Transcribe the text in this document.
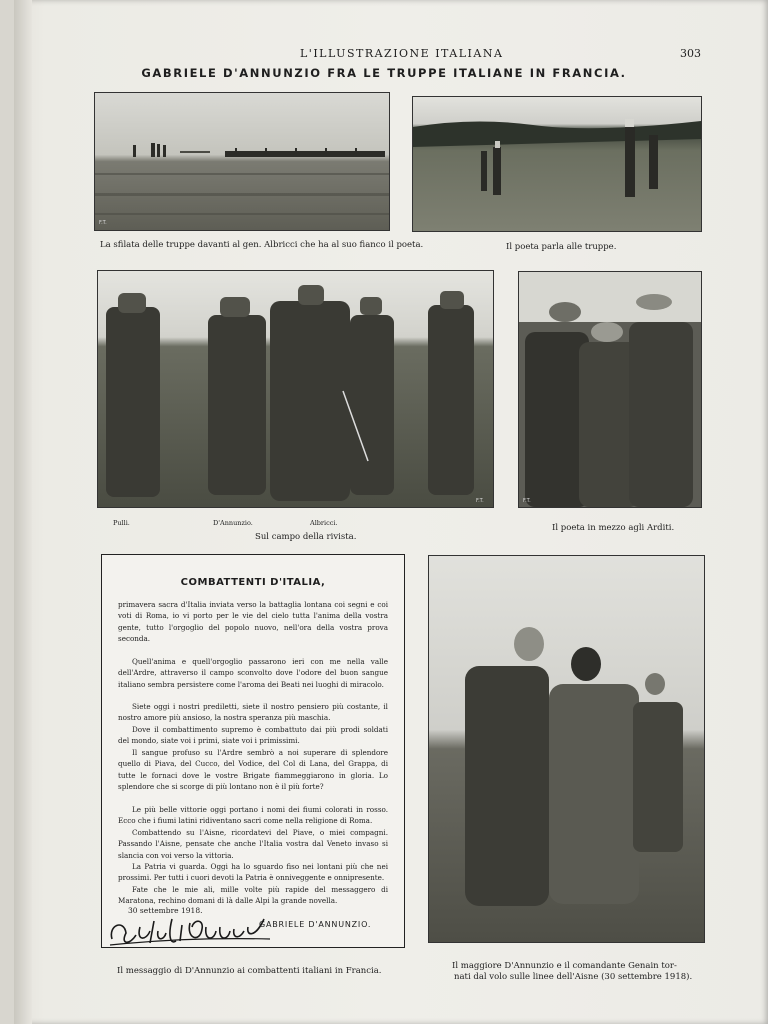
L'ILLUSTRAZIONE ITALIANA	303
GABRIELE D'ANNUNZIO FRA LE TRUPPE ITALIANE IN FRANCIA.
F.T.
La sfilata delle truppe davanti al gen. Albricci che ha al suo fianco il poeta.	Il poeta parla alle truppe.
F.T.
Pulli.	D'Annunzio.	Albricci.
Sul campo della rivista.
F.T.
Il poeta in mezzo agli Arditi.
COMBATTENTI D'ITALIA,

primavera sacra d'Italia inviata verso la battaglia lontana coi segni e coi voti di Roma, io vi porto per le vie del cielo tutta l'anima della vostra gente, tutto l'orgoglio del popolo nuovo, nell'ora della vostra prova seconda.

Quell'anima e quell'orgoglio passarono ieri con me nella valle dell'Ardre, attraverso il campo sconvolto dove l'odore del buon sangue italiano sembra persistere come l'aroma dei Beati nei luoghi di miracolo.

Siete oggi i nostri prediletti, siete il nostro pensiero più costante, il nostro amore più ansioso, la nostra speranza più maschia.

Dove il combattimento supremo è combattuto dai più prodi soldati del mondo, siate voi i primi, siate voi i primissimi.

Il sangue profuso su l'Ardre sembrò a noi superare di splendore quello di Piava, del Cucco, del Vodice, del Col di Lana, del Grappa, di tutte le fornaci dove le vostre Brigate fiammeggiarono in gloria. Lo splendore che si scorge di più lontano non è il più forte?

Le più belle vittorie oggi portano i nomi dei fiumi colorati in rosso. Ecco che i fiumi latini ridiventano sacri come nella religione di Roma.

Combattendo su l'Aisne, ricordatevi del Piave, o miei compagni. Passando l'Aisne, pensate che anche l'Italia vostra dal Veneto invaso si slancia con voi verso la vittoria.

La Patria vi guarda. Oggi ha lo sguardo fiso nei lontani più che nei prossimi. Per tutti i cuori devoti la Patria è onniveggente e onnipresente.

Fate che le mie ali, mille volte più rapide del messaggero di Maratona, rechino domani di là dalle Alpi la grande novella.

30 settembre 1918.
GABRIELE D'ANNUNZIO.
Il messaggio di D'Annunzio ai combattenti italiani in Francia.	Il maggiore D'Annunzio e il comandante Genain tor-
nati dal volo sulle linee dell'Aisne (30 settembre 1918).
